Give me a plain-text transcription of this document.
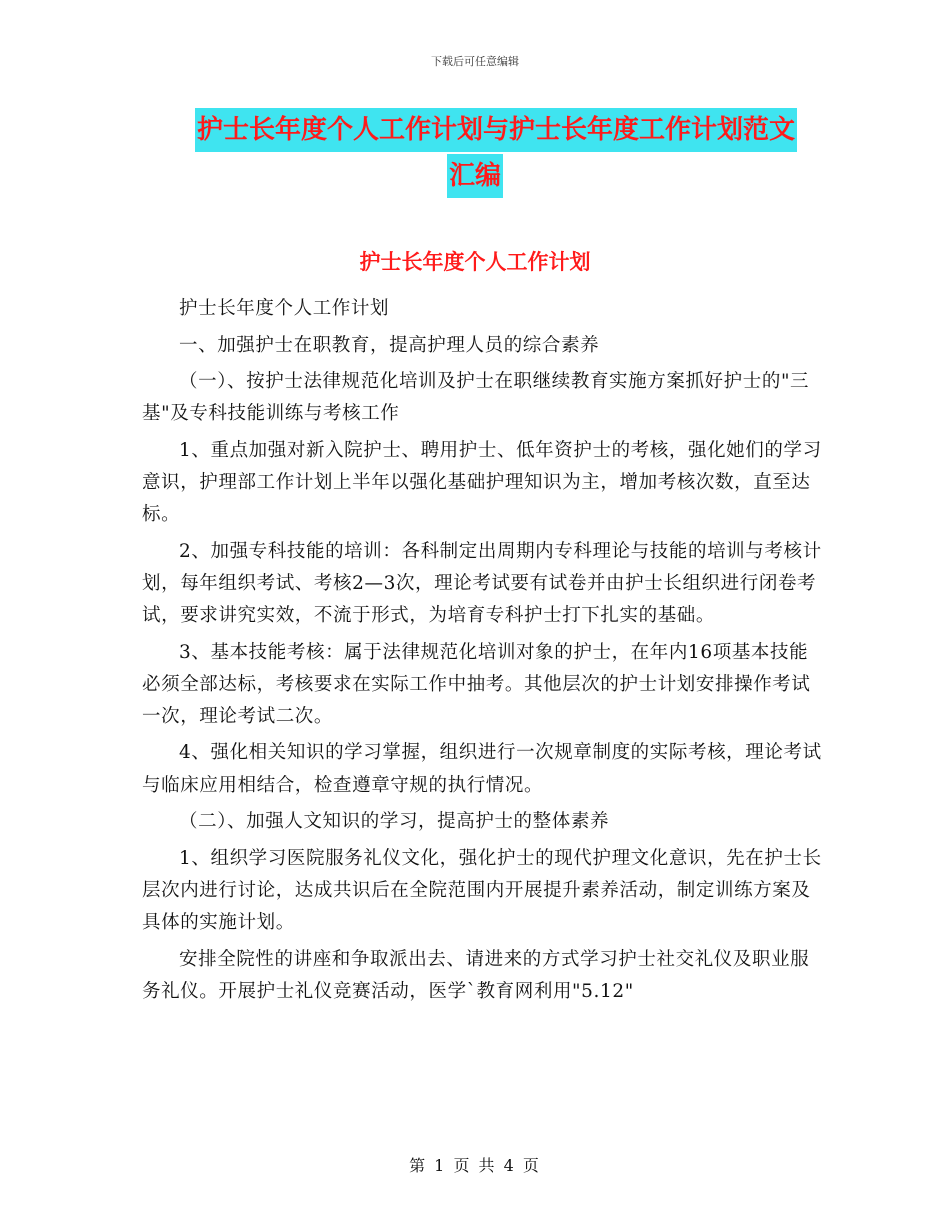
下载后可任意编辑
护士长年度个人工作计划与护士长年度工作计划范文
汇编
护士长年度个人工作计划

护士长年度个人工作计划

一、加强护士在职教育，提高护理人员的综合素养

（一）、按护士法律规范化培训及护士在职继续教育实施方案抓好护士的"三基"及专科技能训练与考核工作

1、重点加强对新入院护士、聘用护士、低年资护士的考核，强化她们的学习意识，护理部工作计划上半年以强化基础护理知识为主，增加考核次数，直至达标。

2、加强专科技能的培训：各科制定出周期内专科理论与技能的培训与考核计划，每年组织考试、考核2—3次，理论考试要有试卷并由护士长组织进行闭卷考试，要求讲究实效，不流于形式，为培育专科护士打下扎实的基础。

3、基本技能考核：属于法律规范化培训对象的护士，在年内16项基本技能必须全部达标，考核要求在实际工作中抽考。其他层次的护士计划安排操作考试一次，理论考试二次。

4、强化相关知识的学习掌握，组织进行一次规章制度的实际考核，理论考试与临床应用相结合，检查遵章守规的执行情况。

（二）、加强人文知识的学习，提高护士的整体素养

1、组织学习医院服务礼仪文化，强化护士的现代护理文化意识，先在护士长层次内进行讨论，达成共识后在全院范围内开展提升素养活动，制定训练方案及具体的实施计划。

安排全院性的讲座和争取派出去、请进来的方式学习护士社交礼仪及职业服务礼仪。开展护士礼仪竞赛活动，医学`教育网利用"5.12"

第 1 页 共 4 页
